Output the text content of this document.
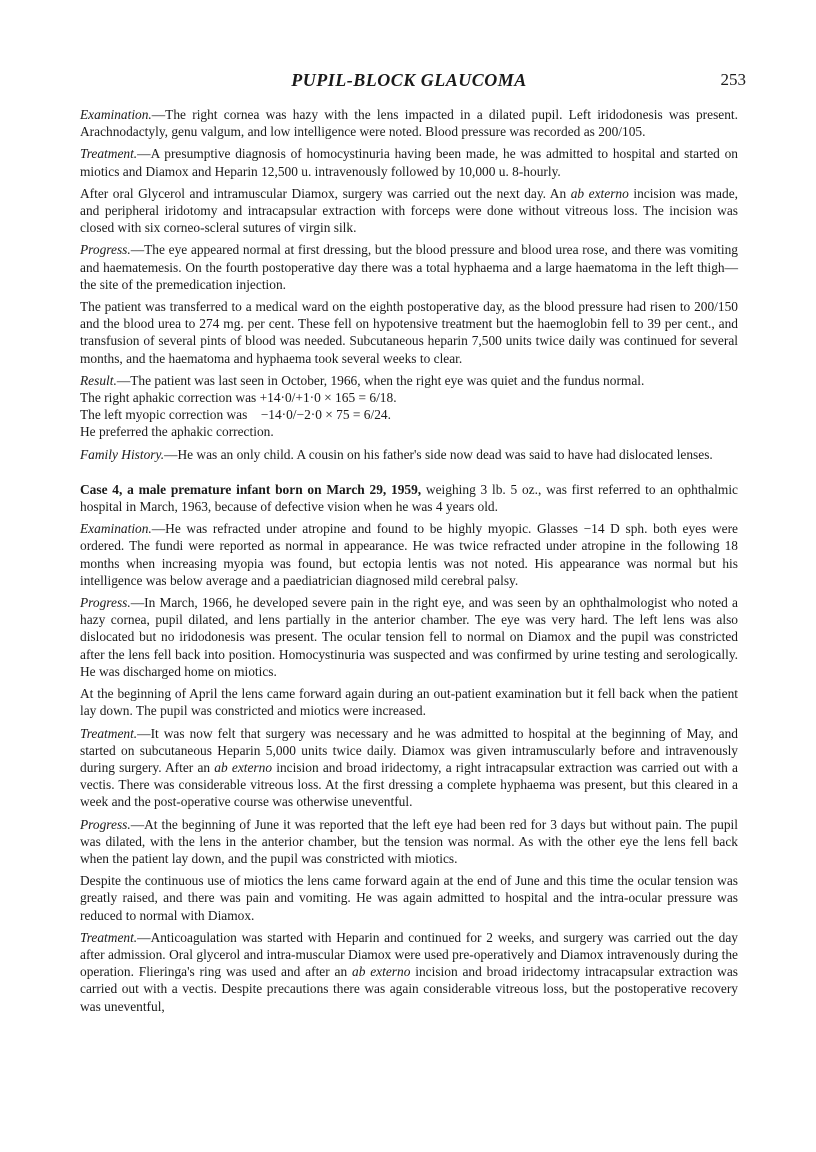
PUPIL-BLOCK GLAUCOMA	253

Examination.—The right cornea was hazy with the lens impacted in a dilated pupil. Left iridodonesis was present. Arachnodactyly, genu valgum, and low intelligence were noted. Blood pressure was recorded as 200/105.

Treatment.—A presumptive diagnosis of homocystinuria having been made, he was admitted to hospital and started on miotics and Diamox and Heparin 12,500 u. intravenously followed by 10,000 u. 8-hourly.

After oral Glycerol and intramuscular Diamox, surgery was carried out the next day. An ab externo incision was made, and peripheral iridotomy and intracapsular extraction with forceps were done without vitreous loss. The incision was closed with six corneo-scleral sutures of virgin silk.

Progress.—The eye appeared normal at first dressing, but the blood pressure and blood urea rose, and there was vomiting and haematemesis. On the fourth postoperative day there was a total hyphaema and a large haematoma in the left thigh—the site of the premedication injection.

The patient was transferred to a medical ward on the eighth postoperative day, as the blood pressure had risen to 200/150 and the blood urea to 274 mg. per cent. These fell on hypotensive treatment but the haemoglobin fell to 39 per cent., and transfusion of several pints of blood was needed. Subcutaneous heparin 7,500 units twice daily was continued for several months, and the haematoma and hyphaema took several weeks to clear.

Result.—The patient was last seen in October, 1966, when the right eye was quiet and the fundus normal.
The right aphakic correction was +14·0/+1·0 × 165 = 6/18.
The left myopic correction was    −14·0/−2·0 × 75 = 6/24.
He preferred the aphakic correction.

Family History.—He was an only child. A cousin on his father's side now dead was said to have had dislocated lenses.

Case 4, a male premature infant born on March 29, 1959, weighing 3 lb. 5 oz., was first referred to an ophthalmic hospital in March, 1963, because of defective vision when he was 4 years old.

Examination.—He was refracted under atropine and found to be highly myopic. Glasses −14 D sph. both eyes were ordered. The fundi were reported as normal in appearance. He was twice refracted under atropine in the following 18 months when increasing myopia was found, but ectopia lentis was not noted. His appearance was normal but his intelligence was below average and a paediatrician diagnosed mild cerebral palsy.

Progress.—In March, 1966, he developed severe pain in the right eye, and was seen by an ophthalmologist who noted a hazy cornea, pupil dilated, and lens partially in the anterior chamber. The eye was very hard. The left lens was also dislocated but no iridodonesis was present. The ocular tension fell to normal on Diamox and the pupil was constricted after the lens fell back into position. Homocystinuria was suspected and was confirmed by urine testing and serologically. He was discharged home on miotics.

At the beginning of April the lens came forward again during an out-patient examination but it fell back when the patient lay down. The pupil was constricted and miotics were increased.

Treatment.—It was now felt that surgery was necessary and he was admitted to hospital at the beginning of May, and started on subcutaneous Heparin 5,000 units twice daily. Diamox was given intramuscularly before and intravenously during surgery. After an ab externo incision and broad iridectomy, a right intracapsular extraction was carried out with a vectis. There was considerable vitreous loss. At the first dressing a complete hyphaema was present, but this cleared in a week and the post-operative course was otherwise uneventful.

Progress.—At the beginning of June it was reported that the left eye had been red for 3 days but without pain. The pupil was dilated, with the lens in the anterior chamber, but the tension was normal. As with the other eye the lens fell back when the patient lay down, and the pupil was constricted with miotics.

Despite the continuous use of miotics the lens came forward again at the end of June and this time the ocular tension was greatly raised, and there was pain and vomiting. He was again admitted to hospital and the intra-ocular pressure was reduced to normal with Diamox.

Treatment.—Anticoagulation was started with Heparin and continued for 2 weeks, and surgery was carried out the day after admission. Oral glycerol and intra-muscular Diamox were used pre-operatively and Diamox intravenously during the operation. Flieringa's ring was used and after an ab externo incision and broad iridectomy intracapsular extraction was carried out with a vectis. Despite precautions there was again considerable vitreous loss, but the postoperative recovery was uneventful,
